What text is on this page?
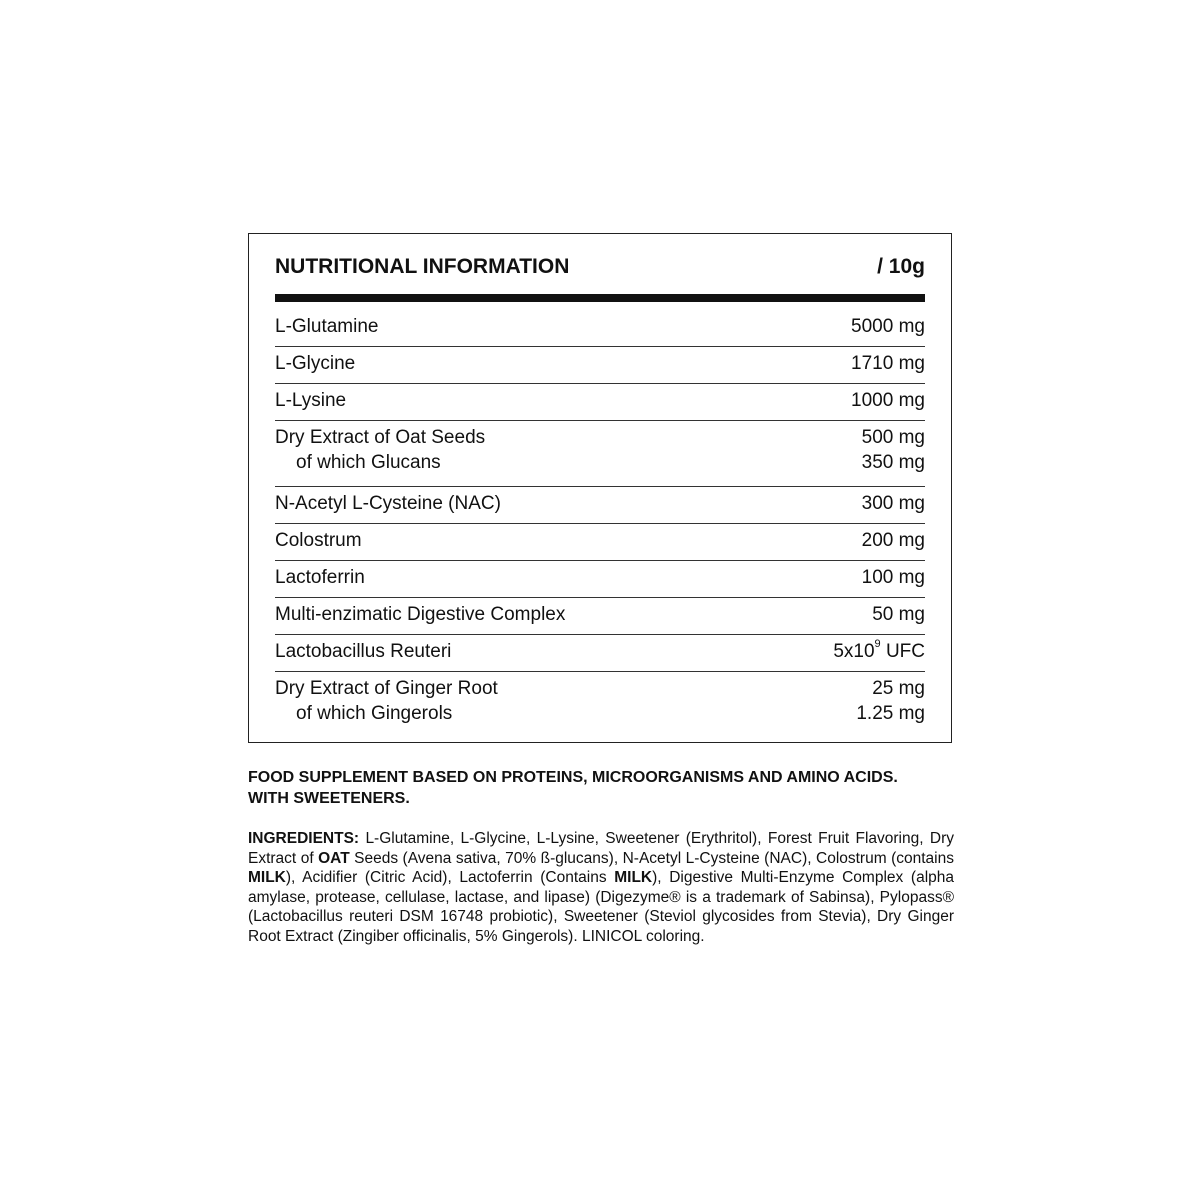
NUTRITIONAL INFORMATION	/ 10g
L-Glutamine	5000 mg
L-Glycine	1710 mg
L-Lysine	1000 mg
Dry Extract of Oat Seeds	500 mg
of which Glucans	350 mg
N-Acetyl L-Cysteine (NAC)	300 mg
Colostrum	200 mg
Lactoferrin	100 mg
Multi-enzimatic Digestive Complex	50 mg
Lactobacillus Reuteri	$5x10^9$ UFC
Dry Extract of Ginger Root	25 mg
of which Gingerols	1.25 mg
FOOD SUPPLEMENT BASED ON PROTEINS, MICROORGANISMS AND AMINO ACIDS.
WITH SWEETENERS.
INGREDIENTS: L-Glutamine, L-Glycine, L-Lysine, Sweetener (Erythritol), Forest Fruit Flavoring, Dry Extract of OAT Seeds (Avena sativa, 70% ß-glucans), N-Acetyl L-Cysteine (NAC), Colostrum (contains MILK), Acidifier (Citric Acid), Lactoferrin (Contains MILK), Digestive Multi-Enzyme Complex (alpha amylase, protease, cellulase, lactase, and lipase) (Digezyme® is a trademark of Sabinsa), Pylopass® (Lactobacillus reuteri DSM 16748 probiotic), Sweetener (Steviol glycosides from Stevia), Dry Ginger Root Extract (Zingiber officinalis, 5% Gingerols). LINICOL coloring.
